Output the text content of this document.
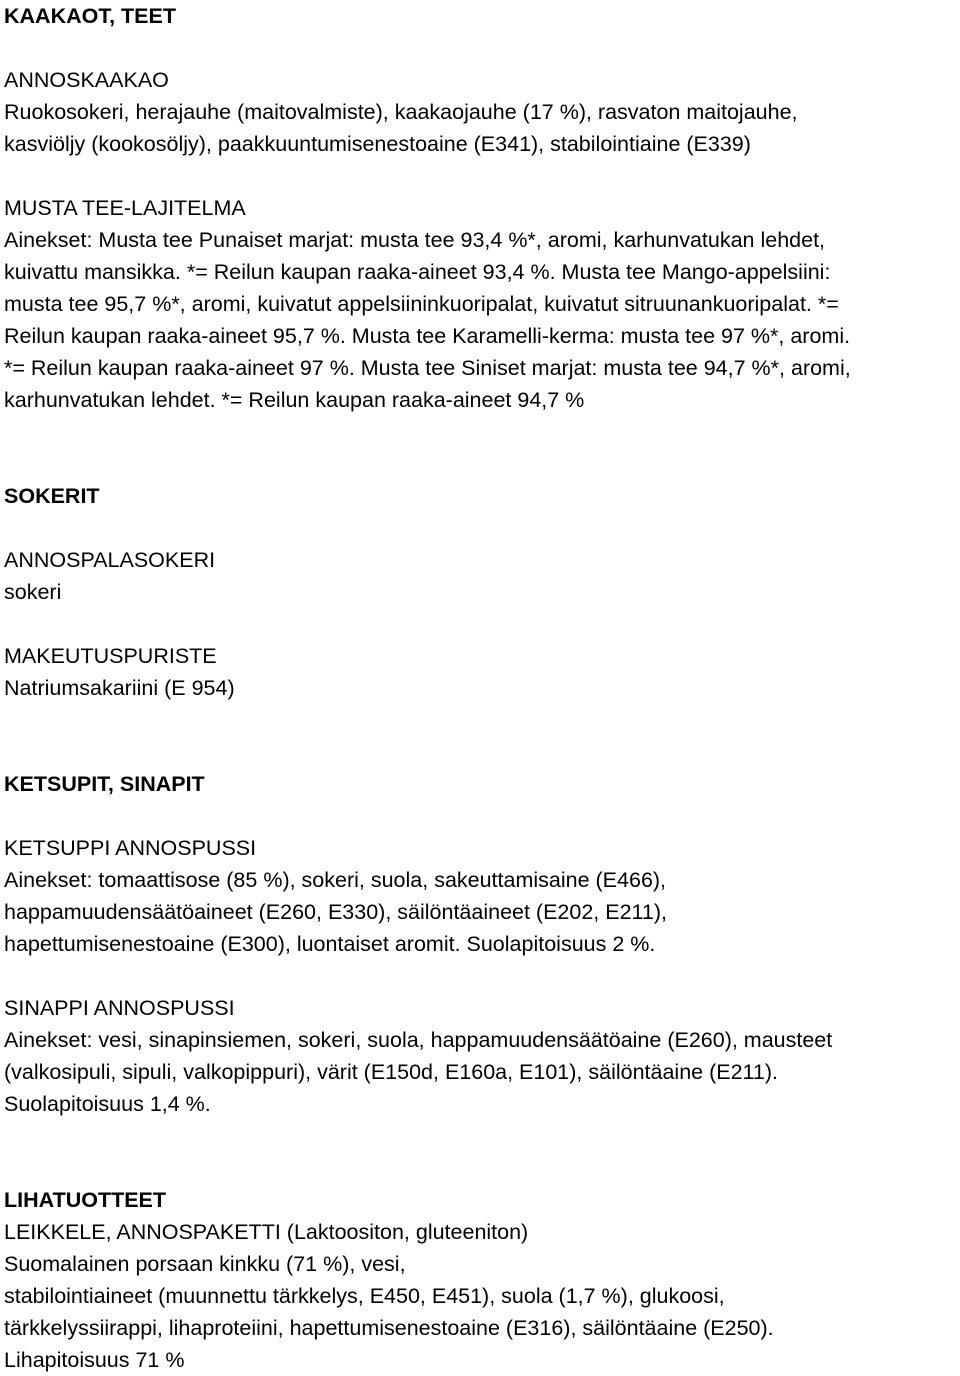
KAAKAOT, TEET
ANNOSKAAKAO
Ruokosokeri, herajauhe (maitovalmiste), kaakaojauhe (17 %), rasvaton maitojauhe,
kasviöljy (kookosöljy), paakkuuntumisenestoaine (E341), stabilointiaine (E339)
MUSTA TEE-LAJITELMA
Ainekset: Musta tee Punaiset marjat: musta tee 93,4 %*, aromi, karhunvatukan lehdet,
kuivattu mansikka. *= Reilun kaupan raaka-aineet 93,4 %. Musta tee Mango-appelsiini:
musta tee 95,7 %*, aromi, kuivatut appelsiininkuoripalat, kuivatut sitruunankuoripalat. *=
Reilun kaupan raaka-aineet 95,7 %. Musta tee Karamelli-kerma: musta tee 97 %*, aromi.
*= Reilun kaupan raaka-aineet 97 %. Musta tee Siniset marjat: musta tee 94,7 %*, aromi,
karhunvatukan lehdet. *= Reilun kaupan raaka-aineet 94,7 %
SOKERIT
ANNOSPALASOKERI
sokeri
MAKEUTUSPURISTE
Natriumsakariini (E 954)
KETSUPIT, SINAPIT
KETSUPPI ANNOSPUSSI
Ainekset: tomaattisose (85 %), sokeri, suola, sakeuttamisaine (E466),
happamuudensäätöaineet (E260, E330), säilöntäaineet (E202, E211),
hapettumisenestoaine (E300), luontaiset aromit. Suolapitoisuus 2 %.
SINAPPI ANNOSPUSSI
Ainekset: vesi, sinapinsiemen, sokeri, suola, happamuudensäätöaine (E260), mausteet
(valkosipuli, sipuli, valkopippuri), värit (E150d, E160a, E101), säilöntäaine (E211).
Suolapitoisuus 1,4 %.
LIHATUOTTEET
LEIKKELE, ANNOSPAKETTI (Laktoositon, gluteeniton)
Suomalainen porsaan kinkku (71 %), vesi,
stabilointiaineet (muunnettu tärkkelys, E450, E451), suola (1,7 %), glukoosi,
tärkkelyssiirappi, lihaproteiini, hapettumisenestoaine (E316), säilöntäaine (E250).
Lihapitoisuus 71 %
